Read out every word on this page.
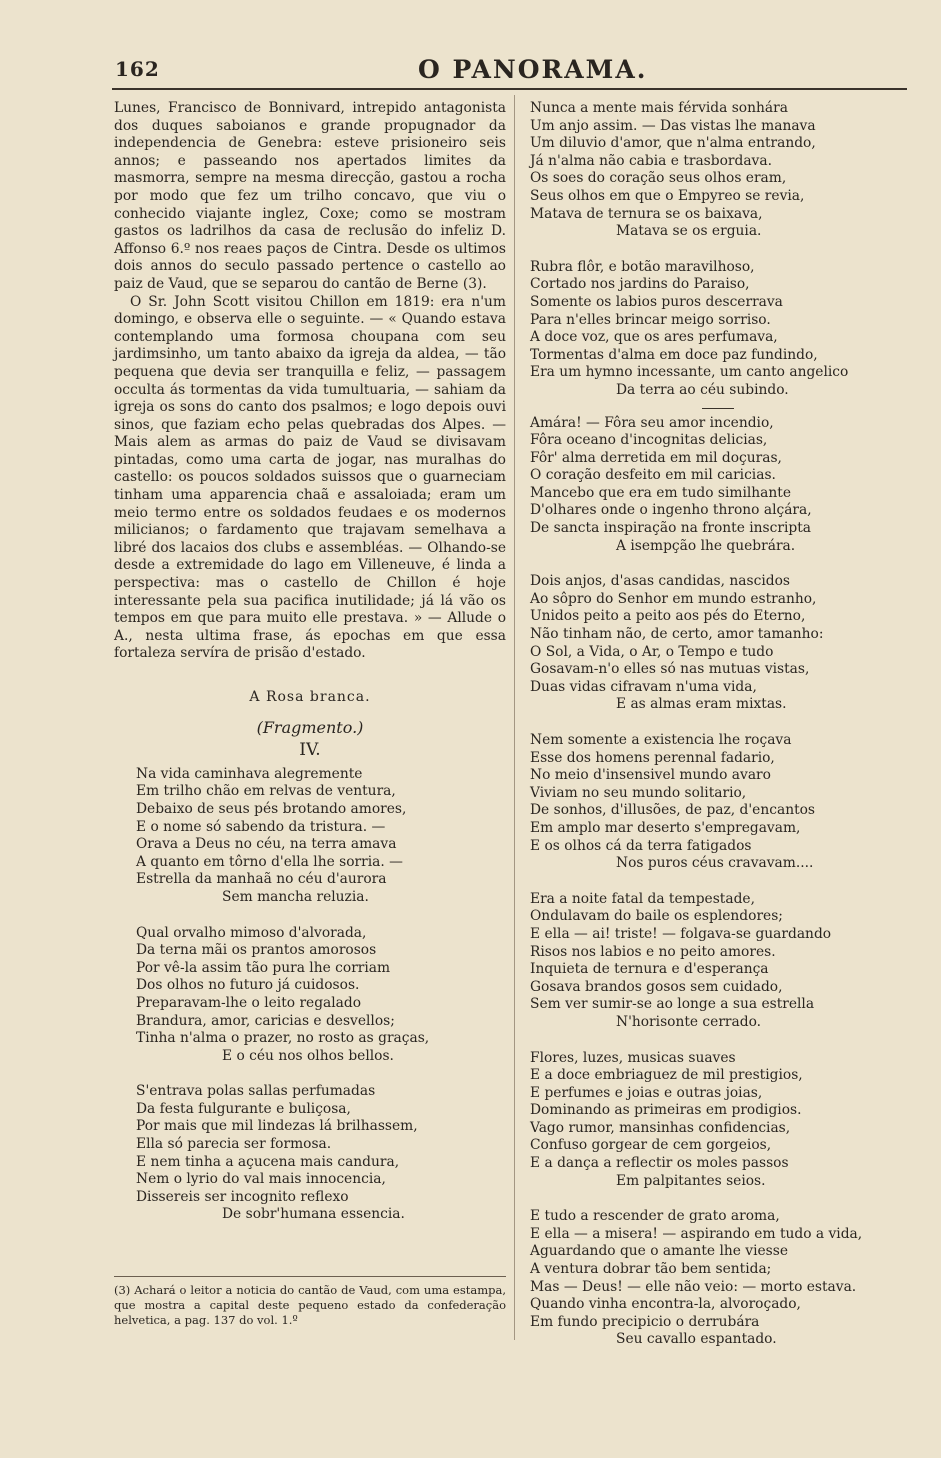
162	O PANORAMA.

Lunes, Francisco de Bonnivard, intrepido antagonista dos duques saboianos e grande propugnador da independencia de Genebra: esteve prisioneiro seis annos; e passeando nos apertados limites da masmorra, sempre na mesma direcção, gastou a rocha por modo que fez um trilho concavo, que viu o conhecido viajante inglez, Coxe; como se mostram gastos os ladrilhos da casa de reclusão do infeliz D. Affonso 6.º nos reaes paços de Cintra. Desde os ultimos dois annos do seculo passado pertence o castello ao paiz de Vaud, que se separou do cantão de Berne (3).

O Sr. John Scott visitou Chillon em 1819: era n'um domingo, e observa elle o seguinte. — « Quando estava contemplando uma formosa choupana com seu jardimsinho, um tanto abaixo da igreja da aldea, — tão pequena que devia ser tranquilla e feliz, — passagem occulta ás tormentas da vida tumultuaria, — sahiam da igreja os sons do canto dos psalmos; e logo depois ouvi sinos, que faziam echo pelas quebradas dos Alpes. — Mais alem as armas do paiz de Vaud se divisavam pintadas, como uma carta de jogar, nas muralhas do castello: os poucos soldados suissos que o guarneciam tinham uma apparencia chaã e assaloiada; eram um meio termo entre os soldados feudaes e os modernos milicianos; o fardamento que trajavam semelhava a libré dos lacaios dos clubs e assembléas. — Olhando-se desde a extremidade do lago em Villeneuve, é linda a perspectiva: mas o castello de Chillon é hoje interessante pela sua pacifica inutilidade; já lá vão os tempos em que para muito elle prestava. » — Allude o A., nesta ultima frase, ás epochas em que essa fortaleza servíra de prisão d'estado.

A Rosa branca.
(Fragmento.)
IV.
Na vida caminhava alegremente
Em trilho chão em relvas de ventura,
Debaixo de seus pés brotando amores,
E o nome só sabendo da tristura. —
Orava a Deus no céu, na terra amava
A quanto em tôrno d'ella lhe sorria. —
Estrella da manhaã no céu d'aurora
Sem mancha reluzia.
Qual orvalho mimoso d'alvorada,
Da terna mãi os prantos amorosos
Por vê-la assim tão pura lhe corriam
Dos olhos no futuro já cuidosos.
Preparavam-lhe o leito regalado
Brandura, amor, caricias e desvellos;
Tinha n'alma o prazer, no rosto as graças,
E o céu nos olhos bellos.
S'entrava polas sallas perfumadas
Da festa fulgurante e buliçosa,
Por mais que mil lindezas lá brilhassem,
Ella só parecia ser formosa.
E nem tinha a açucena mais candura,
Nem o lyrio do val mais innocencia,
Dissereis ser incognito reflexo
De sobr'humana essencia.
Nunca a mente mais férvida sonhára
Um anjo assim. — Das vistas lhe manava
Um diluvio d'amor, que n'alma entrando,
Já n'alma não cabia e trasbordava.
Os soes do coração seus olhos eram,
Seus olhos em que o Empyreo se revia,
Matava de ternura se os baixava,
Matava se os erguia.
Rubra flôr, e botão maravilhoso,
Cortado nos jardins do Paraiso,
Somente os labios puros descerrava
Para n'elles brincar meigo sorriso.
A doce voz, que os ares perfumava,
Tormentas d'alma em doce paz fundindo,
Era um hymno incessante, um canto angelico
Da terra ao céu subindo.
Amára! — Fôra seu amor incendio,
Fôra oceano d'incognitas delicias,
Fôr' alma derretida em mil doçuras,
O coração desfeito em mil caricias.
Mancebo que era em tudo similhante
D'olhares onde o ingenho throno alçára,
De sancta inspiração na fronte inscripta
A isempção lhe quebrára.
Dois anjos, d'asas candidas, nascidos
Ao sôpro do Senhor em mundo estranho,
Unidos peito a peito aos pés do Eterno,
Não tinham não, de certo, amor tamanho:
O Sol, a Vida, o Ar, o Tempo e tudo
Gosavam-n'o elles só nas mutuas vistas,
Duas vidas cifravam n'uma vida,
E as almas eram mixtas.
Nem somente a existencia lhe roçava
Esse dos homens perennal fadario,
No meio d'insensivel mundo avaro
Viviam no seu mundo solitario,
De sonhos, d'illusões, de paz, d'encantos
Em amplo mar deserto s'empregavam,
E os olhos cá da terra fatigados
Nos puros céus cravavam....
Era a noite fatal da tempestade,
Ondulavam do baile os esplendores;
E ella — ai! triste! — folgava-se guardando
Risos nos labios e no peito amores.
Inquieta de ternura e d'esperança
Gosava brandos gosos sem cuidado,
Sem ver sumir-se ao longe a sua estrella
N'horisonte cerrado.
Flores, luzes, musicas suaves
E a doce embriaguez de mil prestigios,
E perfumes e joias e outras joias,
Dominando as primeiras em prodigios.
Vago rumor, mansinhas confidencias,
Confuso gorgear de cem gorgeios,
E a dança a reflectir os moles passos
Em palpitantes seios.
E tudo a rescender de grato aroma,
E ella — a misera! — aspirando em tudo a vida,
Aguardando que o amante lhe viesse
A ventura dobrar tão bem sentida;
Mas — Deus! — elle não veio: — morto estava.
Quando vinha encontra-la, alvoroçado,
Em fundo precipicio o derrubára
Seu cavallo espantado.
(3) Achará o leitor a noticia do cantão de Vaud, com uma estampa, que mostra a capital deste pequeno estado da confederação helvetica, a pag. 137 do vol. 1.º
